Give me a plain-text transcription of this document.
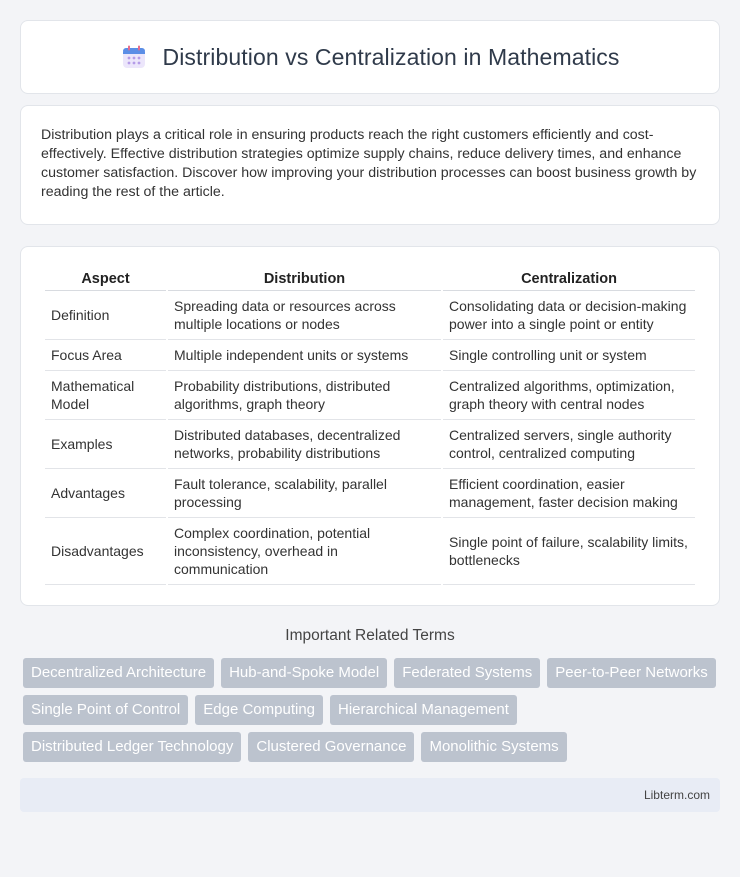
Distribution vs Centralization in Mathematics

Distribution plays a critical role in ensuring products reach the right customers efficiently and cost-effectively. Effective distribution strategies optimize supply chains, reduce delivery times, and enhance customer satisfaction. Discover how improving your distribution processes can boost business growth by reading the rest of the article.

Aspect	Distribution	Centralization
Definition	Spreading data or resources across multiple locations or nodes	Consolidating data or decision-making power into a single point or entity
Focus Area	Multiple independent units or systems	Single controlling unit or system
Mathematical Model	Probability distributions, distributed algorithms, graph theory	Centralized algorithms, optimization, graph theory with central nodes
Examples	Distributed databases, decentralized networks, probability distributions	Centralized servers, single authority control, centralized computing
Advantages	Fault tolerance, scalability, parallel processing	Efficient coordination, easier management, faster decision making
Disadvantages	Complex coordination, potential inconsistency, overhead in communication	Single point of failure, scalability limits, bottlenecks
Important Related Terms
Decentralized Architecture	Hub-and-Spoke Model	Federated Systems	Peer-to-Peer Networks
Single Point of Control	Edge Computing	Hierarchical Management
Distributed Ledger Technology	Clustered Governance	Monolithic Systems
Libterm.com
